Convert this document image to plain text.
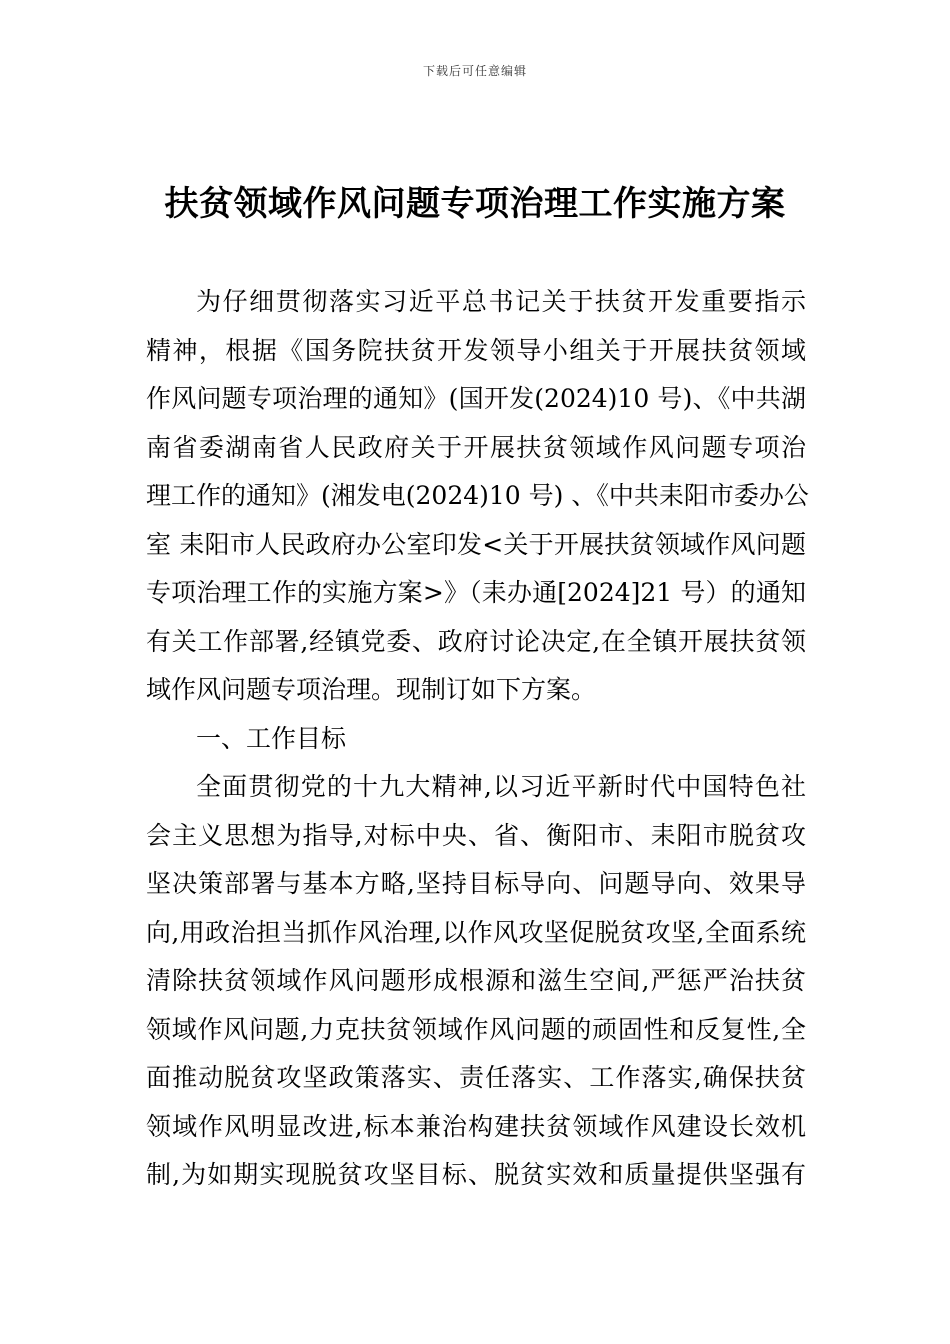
下载后可任意编辑
扶贫领域作风问题专项治理工作实施方案
为仔细贯彻落实习近平总书记关于扶贫开发重要指示
精神，根据《国务院扶贫开发领导小组关于开展扶贫领域
作风问题专项治理的通知》(国开发(2024)10 号)、《中共湖
南省委湖南省人民政府关于开展扶贫领域作风问题专项治
理工作的通知》(湘发电(2024)10 号) 、《中共耒阳市委办公
室 耒阳市人民政府办公室印发<关于开展扶贫领域作风问题
专项治理工作的实施方案>》（耒办通[2024]21 号）的通知
有关工作部署,经镇党委、政府讨论决定,在全镇开展扶贫领
域作风问题专项治理。现制订如下方案。
一、工作目标
全面贯彻党的十九大精神,以习近平新时代中国特色社
会主义思想为指导,对标中央、省、衡阳市、耒阳市脱贫攻
坚决策部署与基本方略,坚持目标导向、问题导向、效果导
向,用政治担当抓作风治理,以作风攻坚促脱贫攻坚,全面系统
清除扶贫领域作风问题形成根源和滋生空间,严惩严治扶贫
领域作风问题,力克扶贫领域作风问题的顽固性和反复性,全
面推动脱贫攻坚政策落实、责任落实、工作落实,确保扶贫
领域作风明显改进,标本兼治构建扶贫领域作风建设长效机
制,为如期实现脱贫攻坚目标、脱贫实效和质量提供坚强有
